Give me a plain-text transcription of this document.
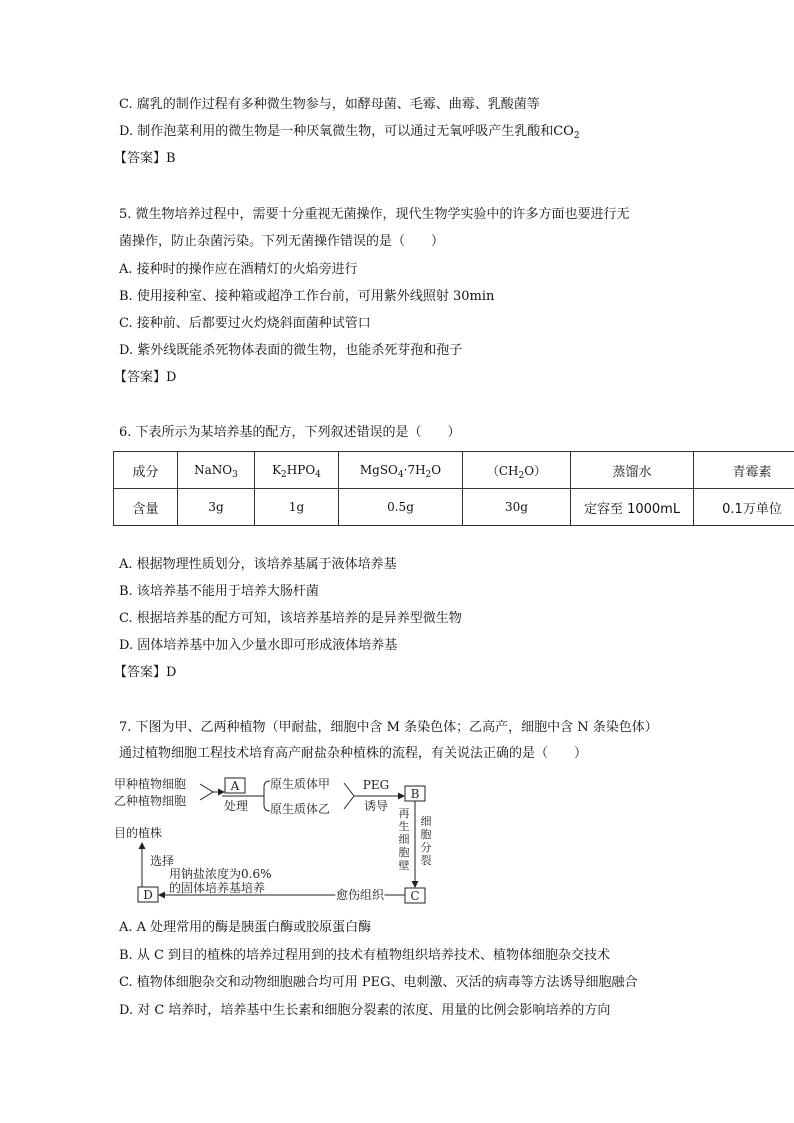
C. 腐乳的制作过程有多种微生物参与，如酵母菌、毛霉、曲霉、乳酸菌等
D. 制作泡菜利用的微生物是一种厌氧微生物，可以通过无氧呼吸产生乳酸和$CO_2$
【答案】B
5. 微生物培养过程中，需要十分重视无菌操作，现代生物学实验中的许多方面也要进行无
菌操作，防止杂菌污染。下列无菌操作错误的是（　　）
A. 接种时的操作应在酒精灯的火焰旁进行
B. 使用接种室、接种箱或超净工作台前，可用紫外线照射 30min
C. 接种前、后都要过火灼烧斜面菌种试管口
D. 紫外线既能杀死物体表面的微生物，也能杀死芽孢和孢子
【答案】D
6. 下表所示为某培养基的配方，下列叙述错误的是（　　）
成分	NaNO$_3$	$K_2HPO_4$	$MgSO_4\cdot 7H_2O$	$(CH_2O)$	蒸馏水	青霉素
含量	3g	1g	0.5g	30g	定容至 1000mL	0.1万单位
A. 根据物理性质划分，该培养基属于液体培养基
B. 该培养基不能用于培养大肠杆菌
C. 根据培养基的配方可知，该培养基培养的是异养型微生物
D. 固体培养基中加入少量水即可形成液体培养基
【答案】D
7. 下图为甲、乙两种植物（甲耐盐，细胞中含 M 条染色体；乙高产，细胞中含 N 条染色体）
通过植物细胞工程技术培育高产耐盐杂种植株的流程，有关说法正确的是（　　）
甲种植物细胞
乙种植物细胞
A
处理
原生质体甲
原生质体乙
PEG
诱导
B
再
生
细
胞
壁
细
胞
分
裂
C
愈伤组织
用钠盐浓度为0.6%
的固体培养基培养
D
选择
目的植株
A. A 处理常用的酶是胰蛋白酶或胶原蛋白酶
B. 从 C 到目的植株的培养过程用到的技术有植物组织培养技术、植物体细胞杂交技术
C. 植物体细胞杂交和动物细胞融合均可用 PEG、电刺激、灭活的病毒等方法诱导细胞融合
D. 对 C 培养时，培养基中生长素和细胞分裂素的浓度、用量的比例会影响培养的方向
